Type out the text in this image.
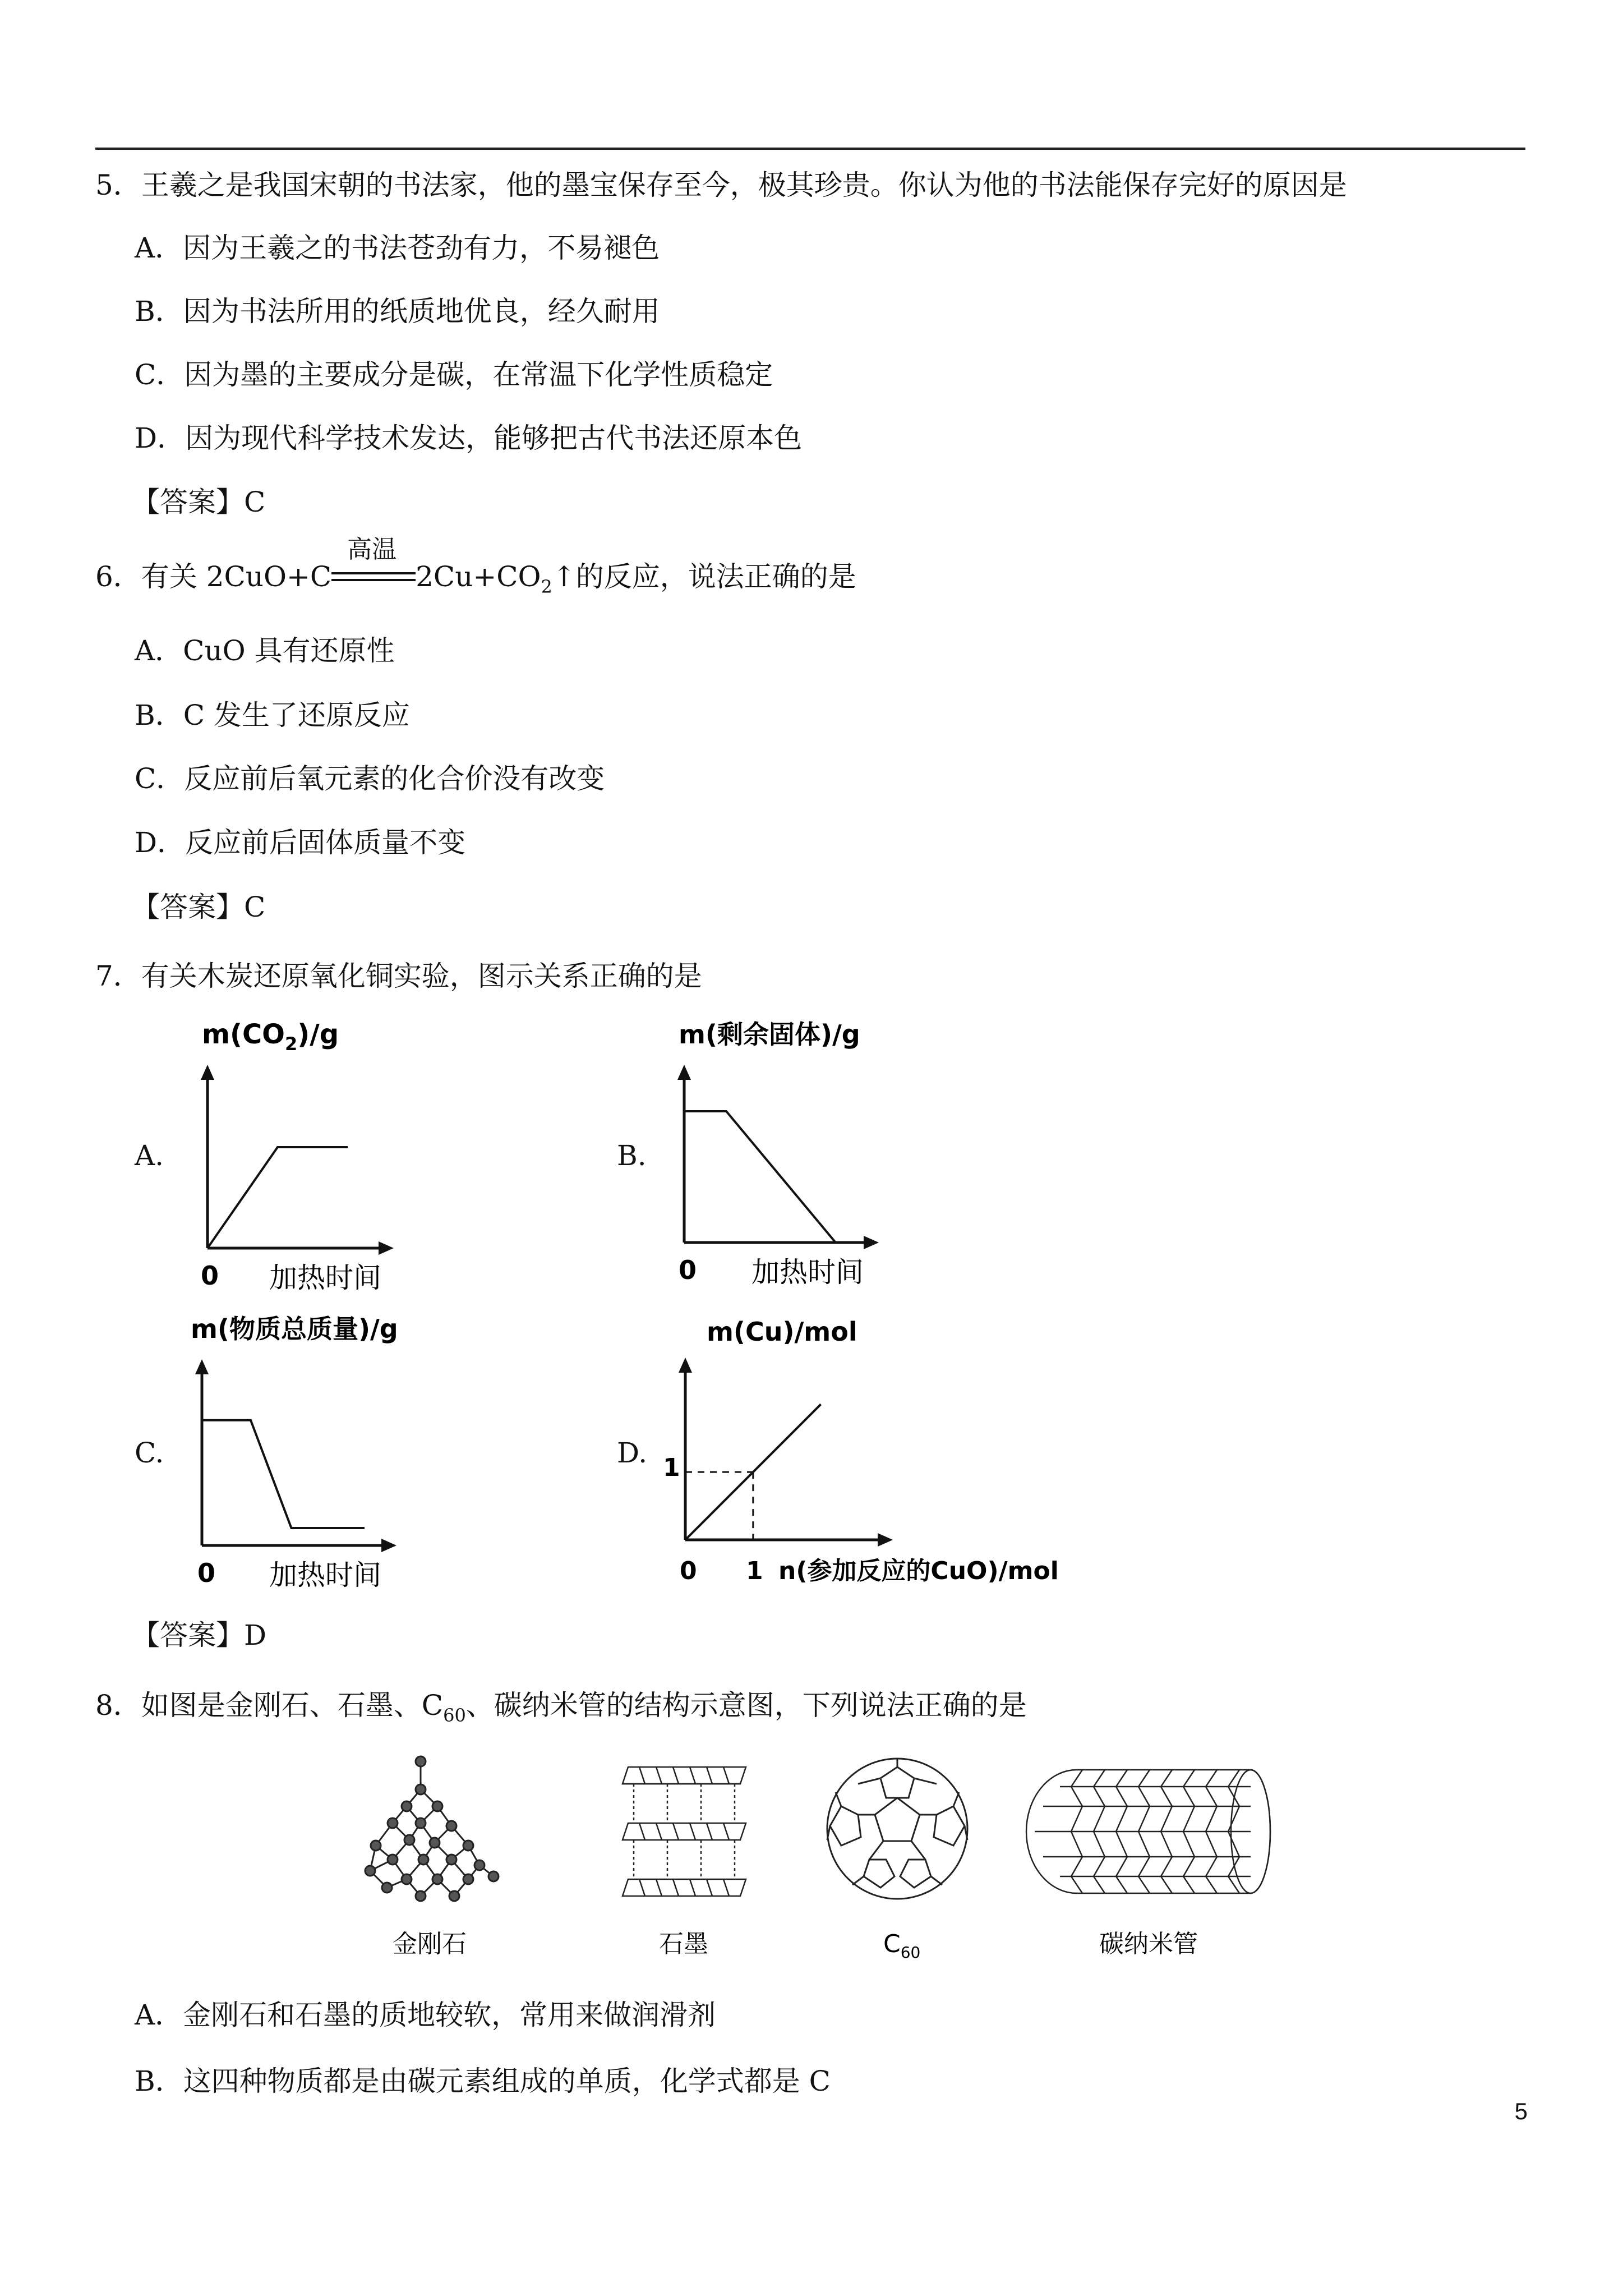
5．王羲之是我国宋朝的书法家，他的墨宝保存至今，极其珍贵。你认为他的书法能保存完好的原因是
A．因为王羲之的书法苍劲有力，不易褪色
B．因为书法所用的纸质地优良，经久耐用
C．因为墨的主要成分是碳，在常温下化学性质稳定
D．因为现代科学技术发达，能够把古代书法还原本色
【答案】C
6．有关 2CuO+C
高温
$2Cu+CO_2↑$的反应，说法正确的是
A．CuO 具有还原性
B．C 发生了还原反应
C．反应前后氧元素的化合价没有改变
D．反应前后固体质量不变
【答案】C
7．有关木炭还原氧化铜实验，图示关系正确的是
A.	B.
C.	D.
$m(CO_2)/g$
0 加热时间
m(剩余固体)/g
0 加热时间
m(物质总质量)/g
0 加热时间
m(Cu)/mol
1
0 1 n(参加反应的CuO)/mol
【答案】D
8．如图是金刚石、石墨、$C_{60}$、碳纳米管的结构示意图，下列说法正确的是
金刚石	石墨	$C_{60}$	碳纳米管
A．金刚石和石墨的质地较软，常用来做润滑剂
B．这四种物质都是由碳元素组成的单质，化学式都是 C
5
